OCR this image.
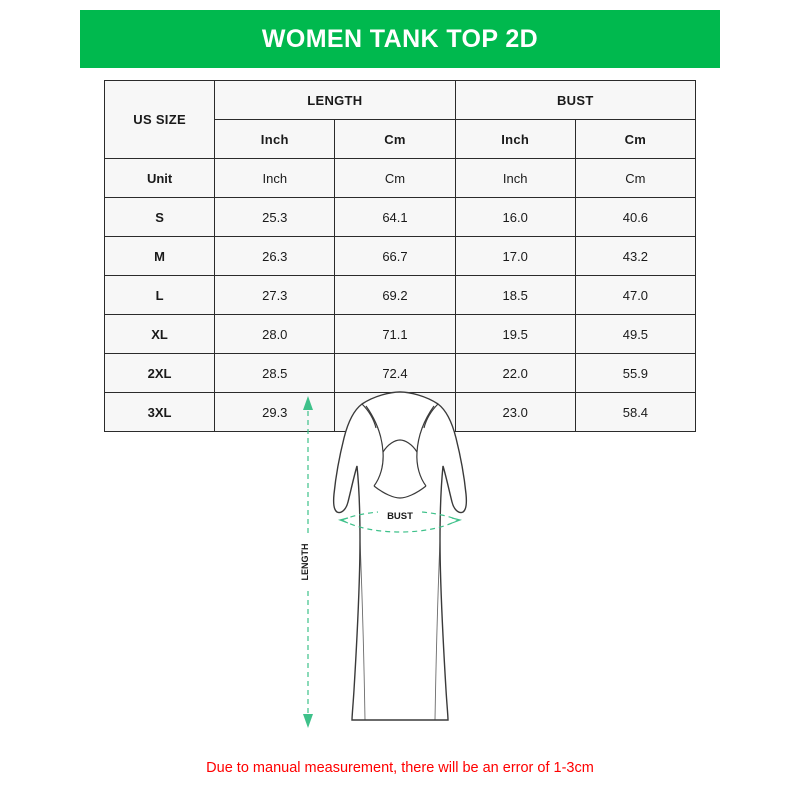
WOMEN TANK TOP 2D
US SIZE	LENGTH		BUST	
	Inch	Cm	Inch	Cm
Unit	Inch	Cm	Inch	Cm
S	25.3	64.1	16.0	40.6
M	26.3	66.7	17.0	43.2
L	27.3	69.2	18.5	47.0
XL	28.0	71.1	19.5	49.5
2XL	28.5	72.4	22.0	55.9
3XL	29.3		23.0	58.4
BUST
LENGTH
Due to manual measurement, there will be an error of 1-3cm
